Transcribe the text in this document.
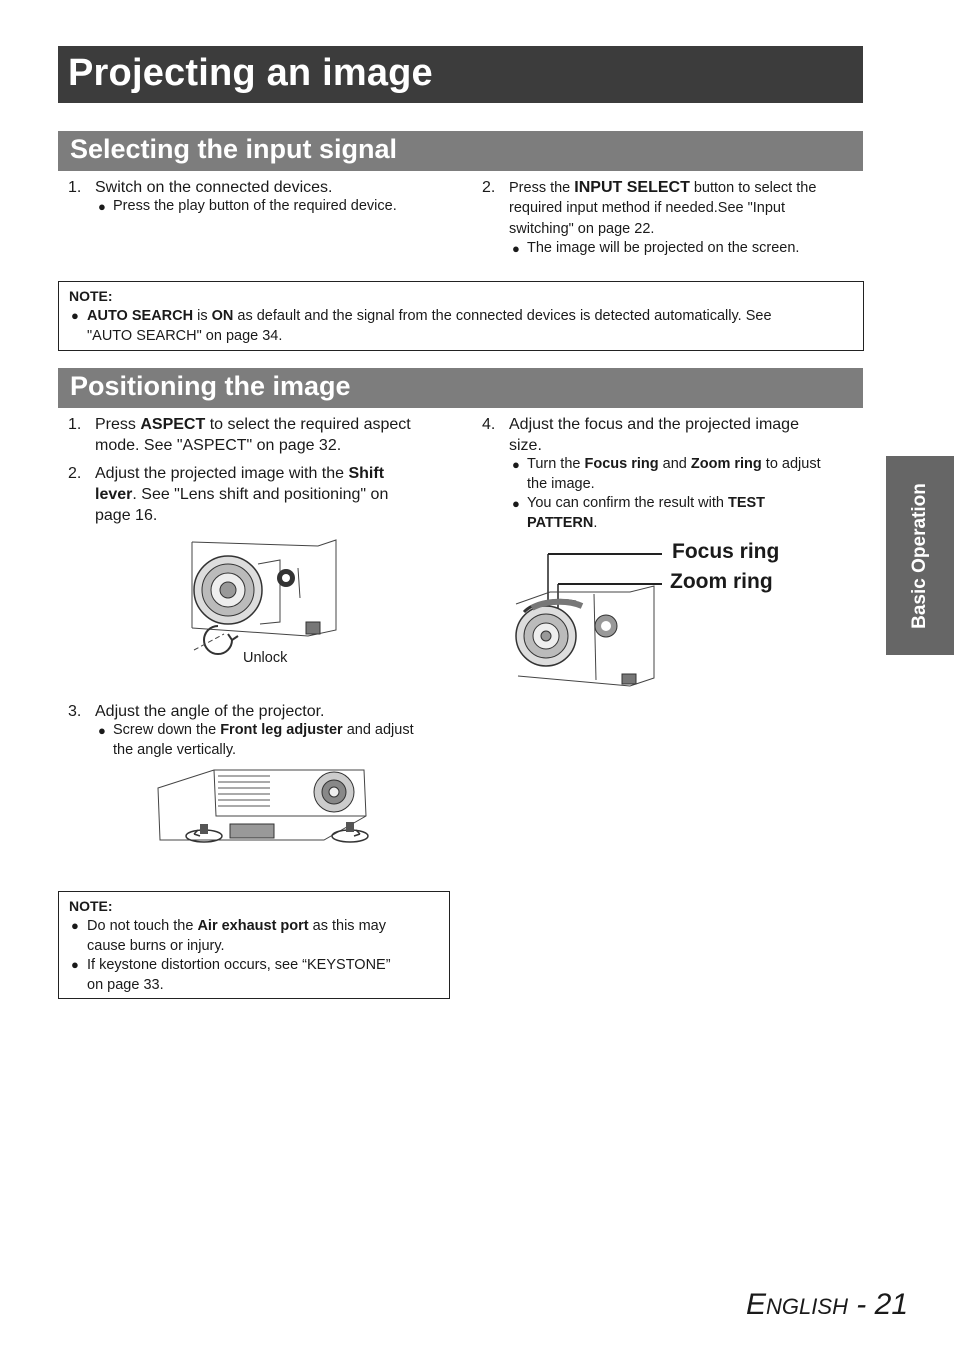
Projecting an image
Selecting the input signal
1. Switch on the connected devices.
● Press the play button of the required device.
2. Press the INPUT SELECT button to select the
required input method if needed.See "Input
switching" on page 22.
● The image will be projected on the screen.
NOTE:
● AUTO SEARCH is ON as default and the signal from the connected devices is detected automatically. See
"AUTO SEARCH" on page 34.
Positioning the image
1. Press ASPECT to select the required aspect
mode. See "ASPECT" on page 32.
2. Adjust the projected image with the Shift
lever. See "Lens shift and positioning" on
page 16.
Unlock
3. Adjust the angle of the projector.
● Screw down the Front leg adjuster and adjust
the angle vertically.
4. Adjust the focus and the projected image
size.
● Turn the Focus ring and Zoom ring to adjust
the image.
● You can confirm the result with TEST
PATTERN.
Focus ring
Zoom ring
NOTE:
● Do not touch the Air exhaust port as this may
cause burns or injury.
● If keystone distortion occurs, see “KEYSTONE”
on page 33.
Basic Operation
ENGLISH - 21
